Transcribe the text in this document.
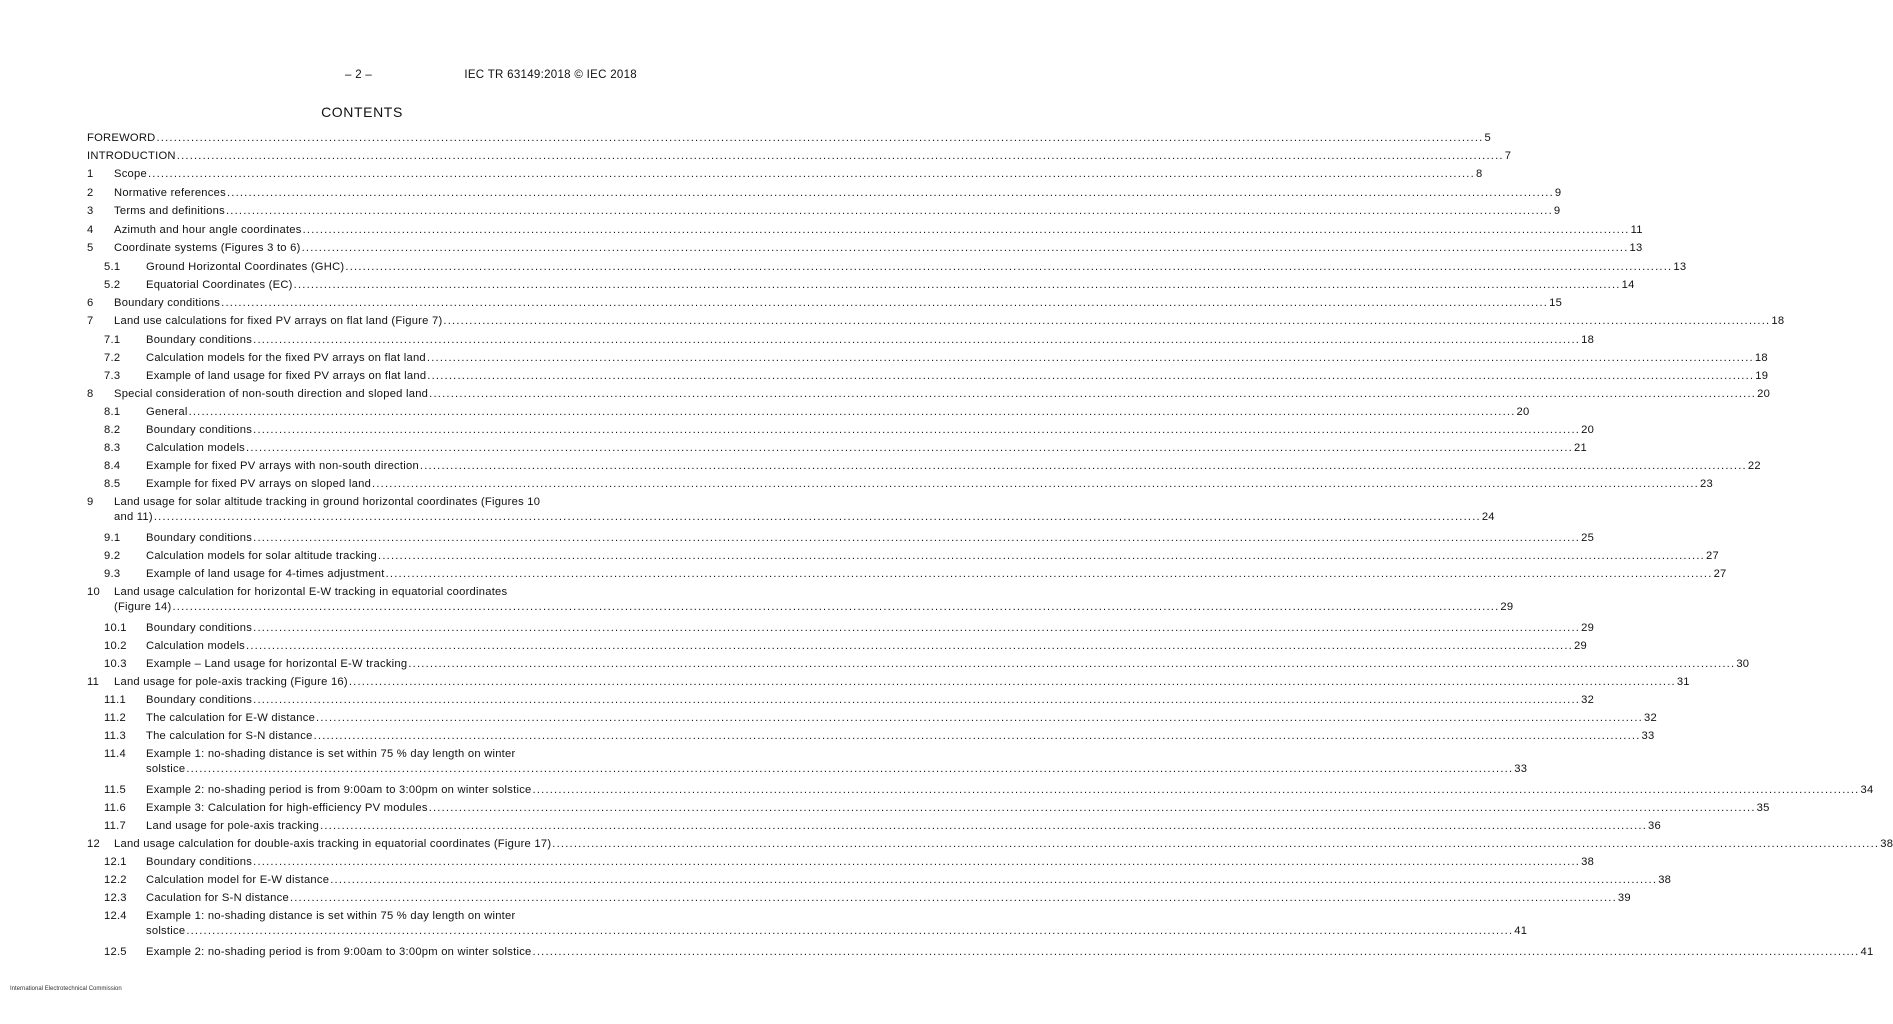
– 2 –	IEC TR 63149:2018 © IEC 2018
CONTENTS
FOREWORD .....	5
INTRODUCTION .....	7
1	Scope .....	8
2	Normative references .....	9
3	Terms and definitions .....	9
4	Azimuth and hour angle coordinates .....	11
5	Coordinate systems (Figures 3 to 6) .....	13
5.1	Ground Horizontal Coordinates (GHC) .....	13
5.2	Equatorial Coordinates (EC) .....	14
6	Boundary conditions .....	15
7	Land use calculations for fixed PV arrays on flat land (Figure 7) .....	18
7.1	Boundary conditions .....	18
7.2	Calculation models for the fixed PV arrays on flat land .....	18
7.3	Example of land usage for fixed PV arrays on flat land .....	19
8	Special consideration of non-south direction and sloped land .....	20
8.1	General .....	20
8.2	Boundary conditions .....	20
8.3	Calculation models .....	21
8.4	Example for fixed PV arrays with non-south direction .....	22
8.5	Example for fixed PV arrays on sloped land .....	23
9	Land usage for solar altitude tracking in ground horizontal coordinates (Figures 10
and 11) .....	24
9.1	Boundary conditions .....	25
9.2	Calculation models for solar altitude tracking .....	27
9.3	Example of land usage for 4-times adjustment .....	27
10	Land usage calculation for horizontal E-W tracking in equatorial coordinates
(Figure 14) .....	29
10.1	Boundary conditions .....	29
10.2	Calculation models .....	29
10.3	Example – Land usage for horizontal E-W tracking .....	30
11	Land usage for pole-axis tracking (Figure 16) .....	31
11.1	Boundary conditions .....	32
11.2	The calculation for E-W distance .....	32
11.3	The calculation for S-N distance .....	33
11.4	Example 1: no-shading distance is set within 75 % day length on winter
solstice .....	33
11.5	Example 2: no-shading period is from 9:00am to 3:00pm on winter solstice .....	34
11.6	Example 3: Calculation for high-efficiency PV modules .....	35
11.7	Land usage for pole-axis tracking .....	36
12	Land usage calculation for double-axis tracking in equatorial coordinates (Figure 17) .....	38
12.1	Boundary conditions .....	38
12.2	Calculation model for E-W distance .....	38
12.3	Caculation for S-N distance .....	39
12.4	Example 1: no-shading distance is set within 75 % day length on winter
solstice .....	41
12.5	Example 2: no-shading period is from 9:00am to 3:00pm on winter solstice .....	41
International Electrotechnical Commission
